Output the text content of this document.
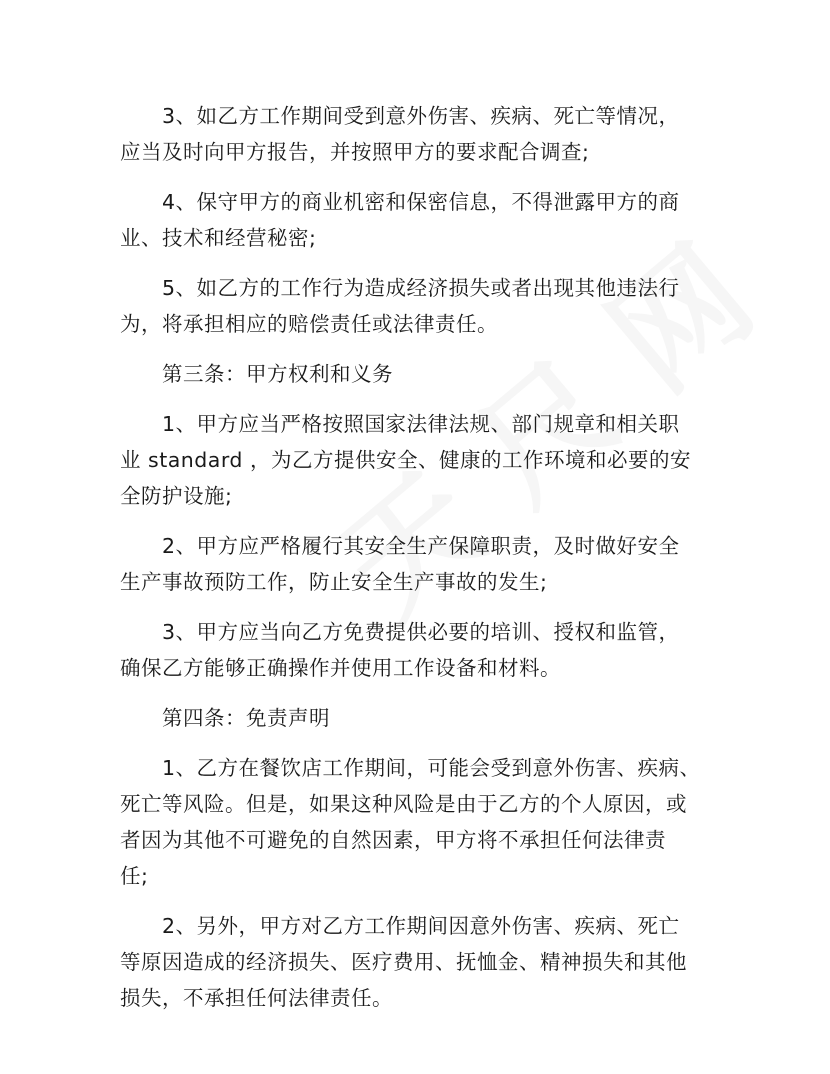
3、如乙方工作期间受到意外伤害、疾病、死亡等情况，
应当及时向甲方报告，并按照甲方的要求配合调查;

4、保守甲方的商业机密和保密信息，不得泄露甲方的商
业、技术和经营秘密;

5、如乙方的工作行为造成经济损失或者出现其他违法行
为，将承担相应的赔偿责任或法律责任。

第三条：甲方权利和义务

1、甲方应当严格按照国家法律法规、部门规章和相关职
业 standard ，为乙方提供安全、健康的工作环境和必要的安
全防护设施;

2、甲方应严格履行其安全生产保障职责，及时做好安全
生产事故预防工作，防止安全生产事故的发生;

3、甲方应当向乙方免费提供必要的培训、授权和监管，
确保乙方能够正确操作并使用工作设备和材料。

第四条：免责声明

1、乙方在餐饮店工作期间，可能会受到意外伤害、疾病、
死亡等风险。但是，如果这种风险是由于乙方的个人原因，或
者因为其他不可避免的自然因素，甲方将不承担任何法律责
任;

2、另外，甲方对乙方工作期间因意外伤害、疾病、死亡
等原因造成的经济损失、医疗费用、抚恤金、精神损失和其他
损失，不承担任何法律责任。
